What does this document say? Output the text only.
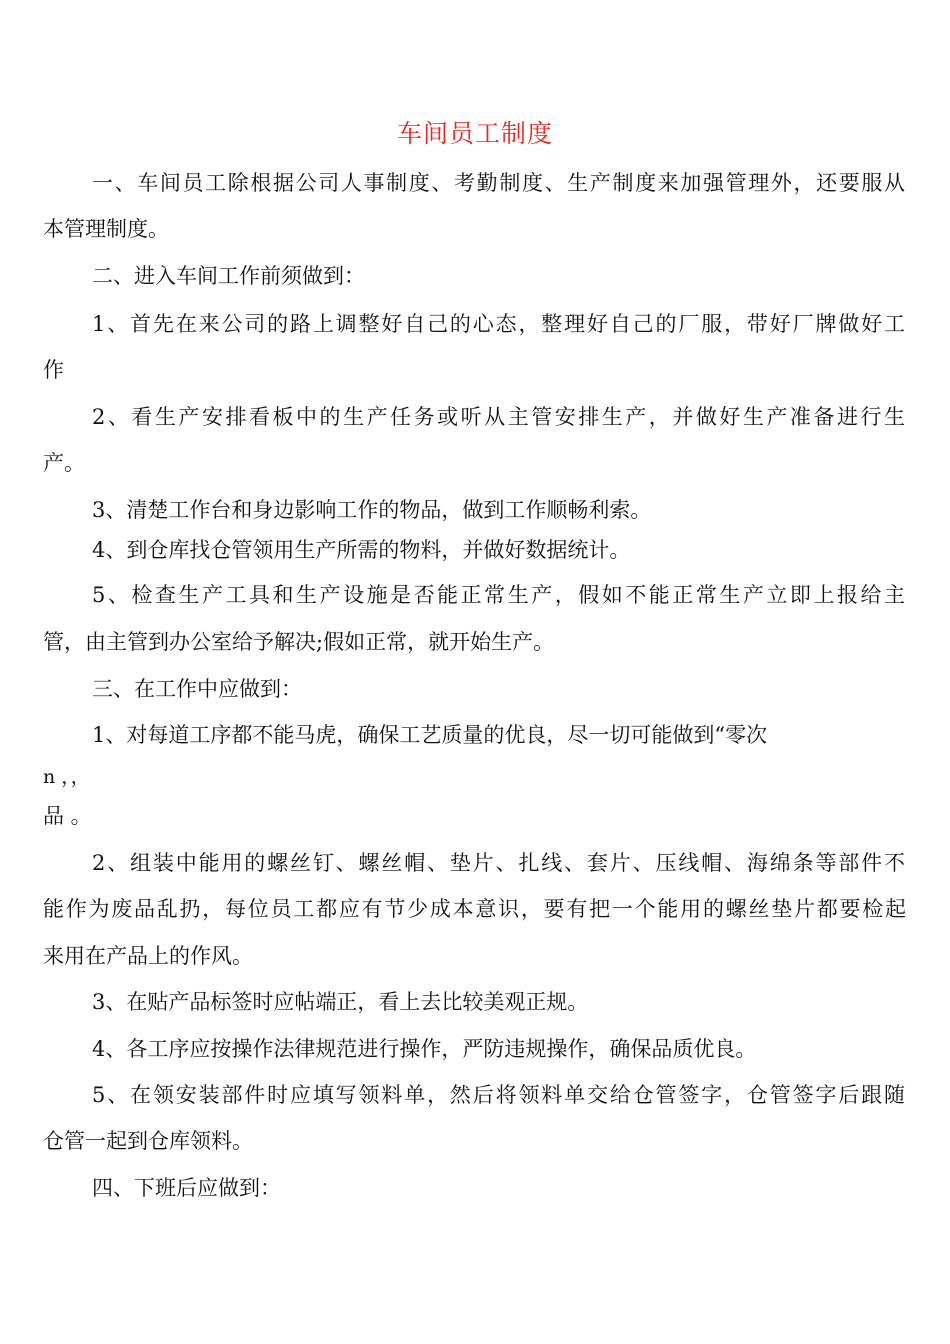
车间员工制度
一、车间员工除根据公司人事制度、考勤制度、生产制度来加强管理外，还要服从
本管理制度。
二、进入车间工作前须做到：
1、首先在来公司的路上调整好自己的心态，整理好自己的厂服，带好厂牌做好工
作
2、看生产安排看板中的生产任务或听从主管安排生产，并做好生产准备进行生
产。
3、清楚工作台和身边影响工作的物品，做到工作顺畅利索。
4、到仓库找仓管领用生产所需的物料，并做好数据统计。
5、检查生产工具和生产设施是否能正常生产，假如不能正常生产立即上报给主
管，由主管到办公室给予解决;假如正常，就开始生产。
三、在工作中应做到：
1、对每道工序都不能马虎，确保工艺质量的优良，尽一切可能做到“零次
n ，，
品 。
2、组装中能用的螺丝钉、螺丝帽、垫片、扎线、套片、压线帽、海绵条等部件不
能作为废品乱扔，每位员工都应有节少成本意识，要有把一个能用的螺丝垫片都要检起
来用在产品上的作风。
3、在贴产品标签时应帖端正，看上去比较美观正规。
4、各工序应按操作法律规范进行操作，严防违规操作，确保品质优良。
5、在领安装部件时应填写领料单，然后将领料单交给仓管签字，仓管签字后跟随
仓管一起到仓库领料。
四、下班后应做到：
